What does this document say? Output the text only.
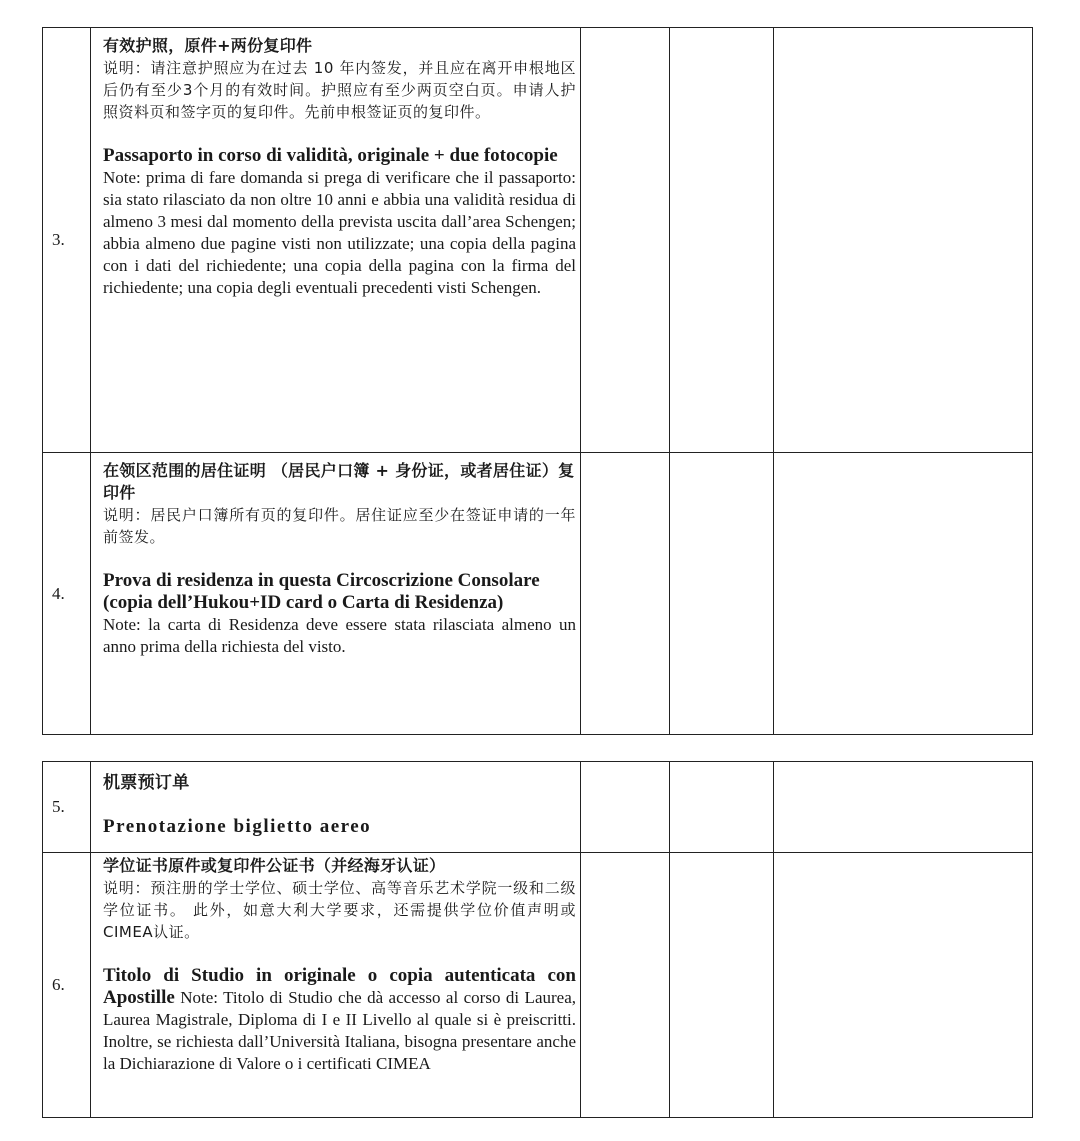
3.	有效护照，原件+两份复印件

说明：请注意护照应为在过去 10 年内签发，并且应在离开申根地区后仍有至少3个月的有效时间。护照应有至少两页空白页。申请人护照资料页和签字页的复印件。先前申根签证页的复印件。

Passaporto in corso di validità, originale + due fotocopie

Note: prima di fare domanda si prega di verificare che il passaporto: sia stato rilasciato da non oltre 10 anni e abbia una validità residua di almeno 3 mesi dal momento della prevista uscita dall’area Schengen; abbia almeno due pagine visti non utilizzate; una copia della pagina con i dati del richiedente; una copia della pagina con la firma del richiedente; una copia degli eventuali precedenti visti Schengen.			

4.	在领区范围的居住证明 （居民户口簿 + 身份证，或者居住证）复印件

说明：居民户口簿所有页的复印件。居住证应至少在签证申请的一年前签发。

Prova di residenza in questa Circoscrizione Consolare (copia dell’Hukou+ID card o Carta di Residenza)

Note: la carta di Residenza deve essere stata rilasciata almeno un anno prima della richiesta del visto.			

5.	机票预订单

Prenotazione biglietto aereo			

6.	学位证书原件或复印件公证书（并经海牙认证）

说明：预注册的学士学位、硕士学位、高等音乐艺术学院一级和二级学位证书。 此外，如意大利大学要求，还需提供学位价值声明或 CIMEA认证。

Titolo di Studio in originale o copia autenticata con Apostille Note: Titolo di Studio che dà accesso al corso di Laurea, Laurea Magistrale, Diploma di I e II Livello al quale si è preiscritti. Inoltre, se richiesta dall’Università Italiana, bisogna presentare anche la Dichiarazione di Valore o i certificati CIMEA			
